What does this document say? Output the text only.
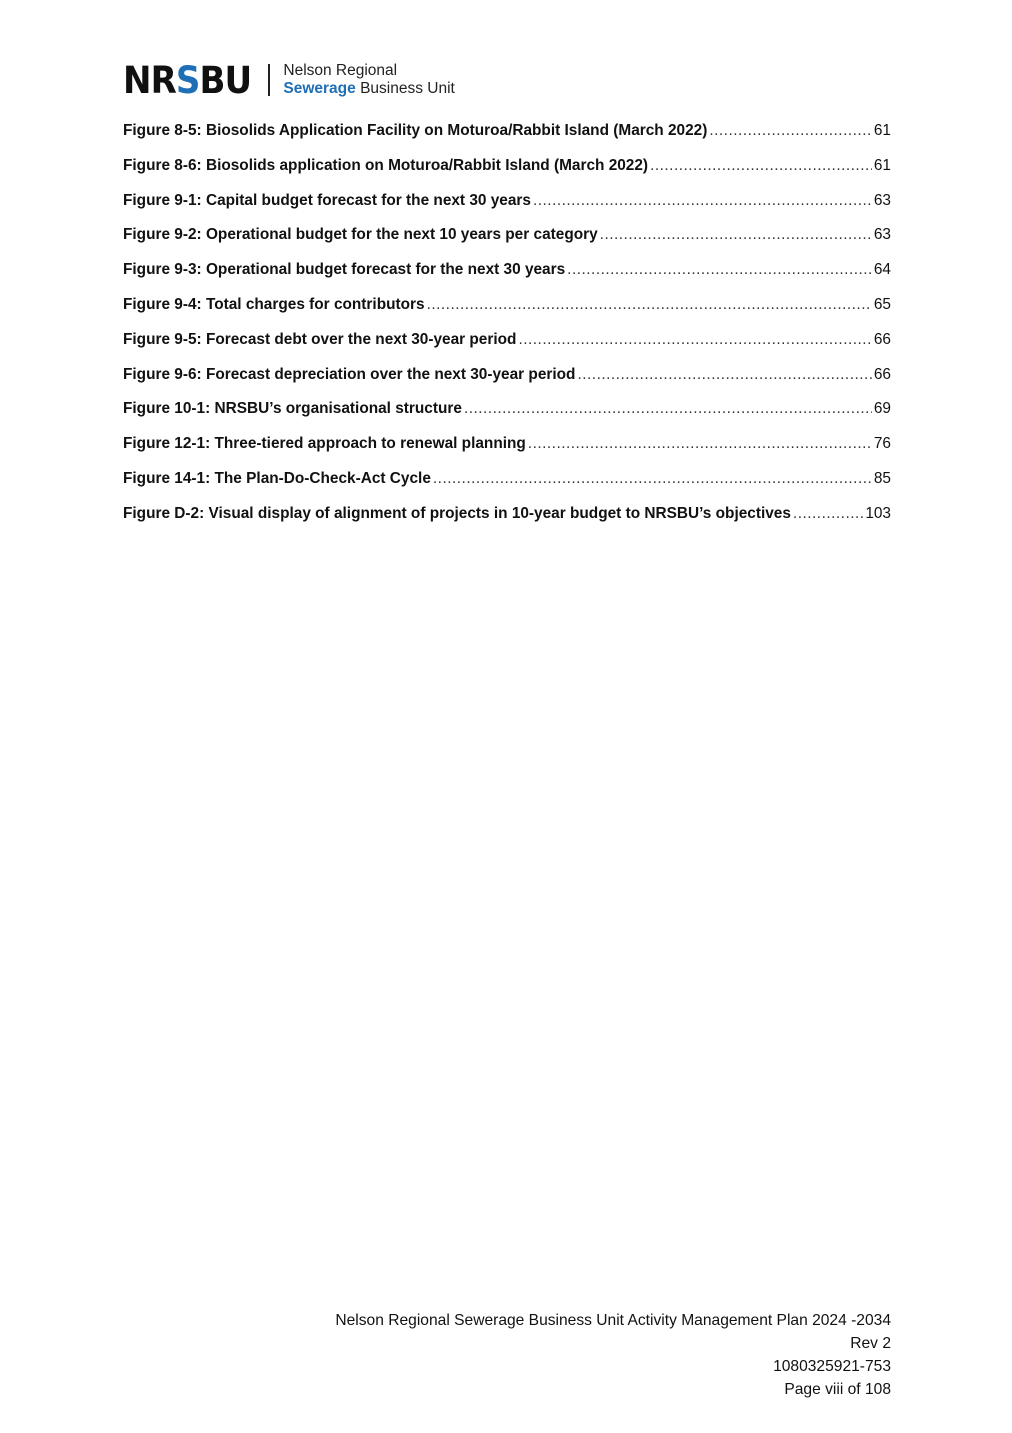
NRSBU Nelson Regional
Sewerage Business Unit
Figure 8-5: Biosolids Application Facility on Moturoa/Rabbit Island (March 2022) .....	61
Figure 8-6: Biosolids application on Moturoa/Rabbit Island (March 2022) .....	61
Figure 9-1: Capital budget forecast for the next 30 years .....	63
Figure 9-2: Operational budget for the next 10 years per category .....	63
Figure 9-3: Operational budget forecast for the next 30 years .....	64
Figure 9-4: Total charges for contributors .....	65
Figure 9-5: Forecast debt over the next 30-year period .....	66
Figure 9-6: Forecast depreciation over the next 30-year period .....	66
Figure 10-1: NRSBU’s organisational structure .....	69
Figure 12-1: Three-tiered approach to renewal planning .....	76
Figure 14-1: The Plan-Do-Check-Act Cycle .....	85
Figure D-2: Visual display of alignment of projects in 10-year budget to NRSBU’s objectives .....	103
Nelson Regional Sewerage Business Unit Activity Management Plan 2024 -2034
Rev 2
1080325921-753
Page viii of 108
